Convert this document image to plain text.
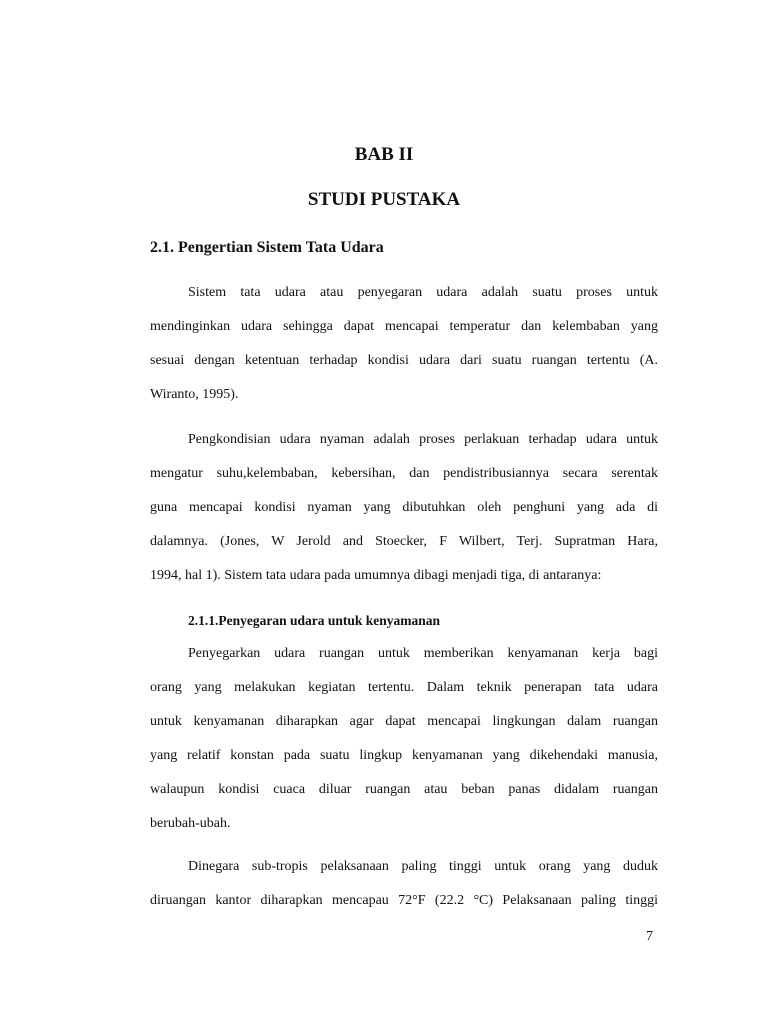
BAB II
STUDI PUSTAKA
2.1. Pengertian Sistem Tata Udara
Sistem tata udara atau penyegaran udara adalah suatu proses untuk
mendinginkan udara sehingga dapat mencapai temperatur dan kelembaban yang
sesuai dengan ketentuan terhadap kondisi udara dari suatu ruangan tertentu (A.
Wiranto, 1995).
Pengkondisian udara nyaman adalah proses perlakuan terhadap udara untuk
mengatur suhu,kelembaban, kebersihan, dan pendistribusiannya secara serentak
guna mencapai kondisi nyaman yang dibutuhkan oleh penghuni yang ada di
dalamnya. (Jones, W Jerold and Stoecker, F Wilbert, Terj. Supratman Hara,
1994, hal 1). Sistem tata udara pada umumnya dibagi menjadi tiga, di antaranya:
2.1.1.Penyegaran udara untuk kenyamanan
Penyegarkan udara ruangan untuk memberikan kenyamanan kerja bagi
orang yang melakukan kegiatan tertentu. Dalam teknik penerapan tata udara
untuk kenyamanan diharapkan agar dapat mencapai lingkungan dalam ruangan
yang relatif konstan pada suatu lingkup kenyamanan yang dikehendaki manusia,
walaupun kondisi cuaca diluar ruangan atau beban panas didalam ruangan
berubah-ubah.
Dinegara sub-tropis pelaksanaan paling tinggi untuk orang yang duduk
diruangan kantor diharapkan mencapau 72°F (22.2 °C) Pelaksanaan paling tinggi
7
